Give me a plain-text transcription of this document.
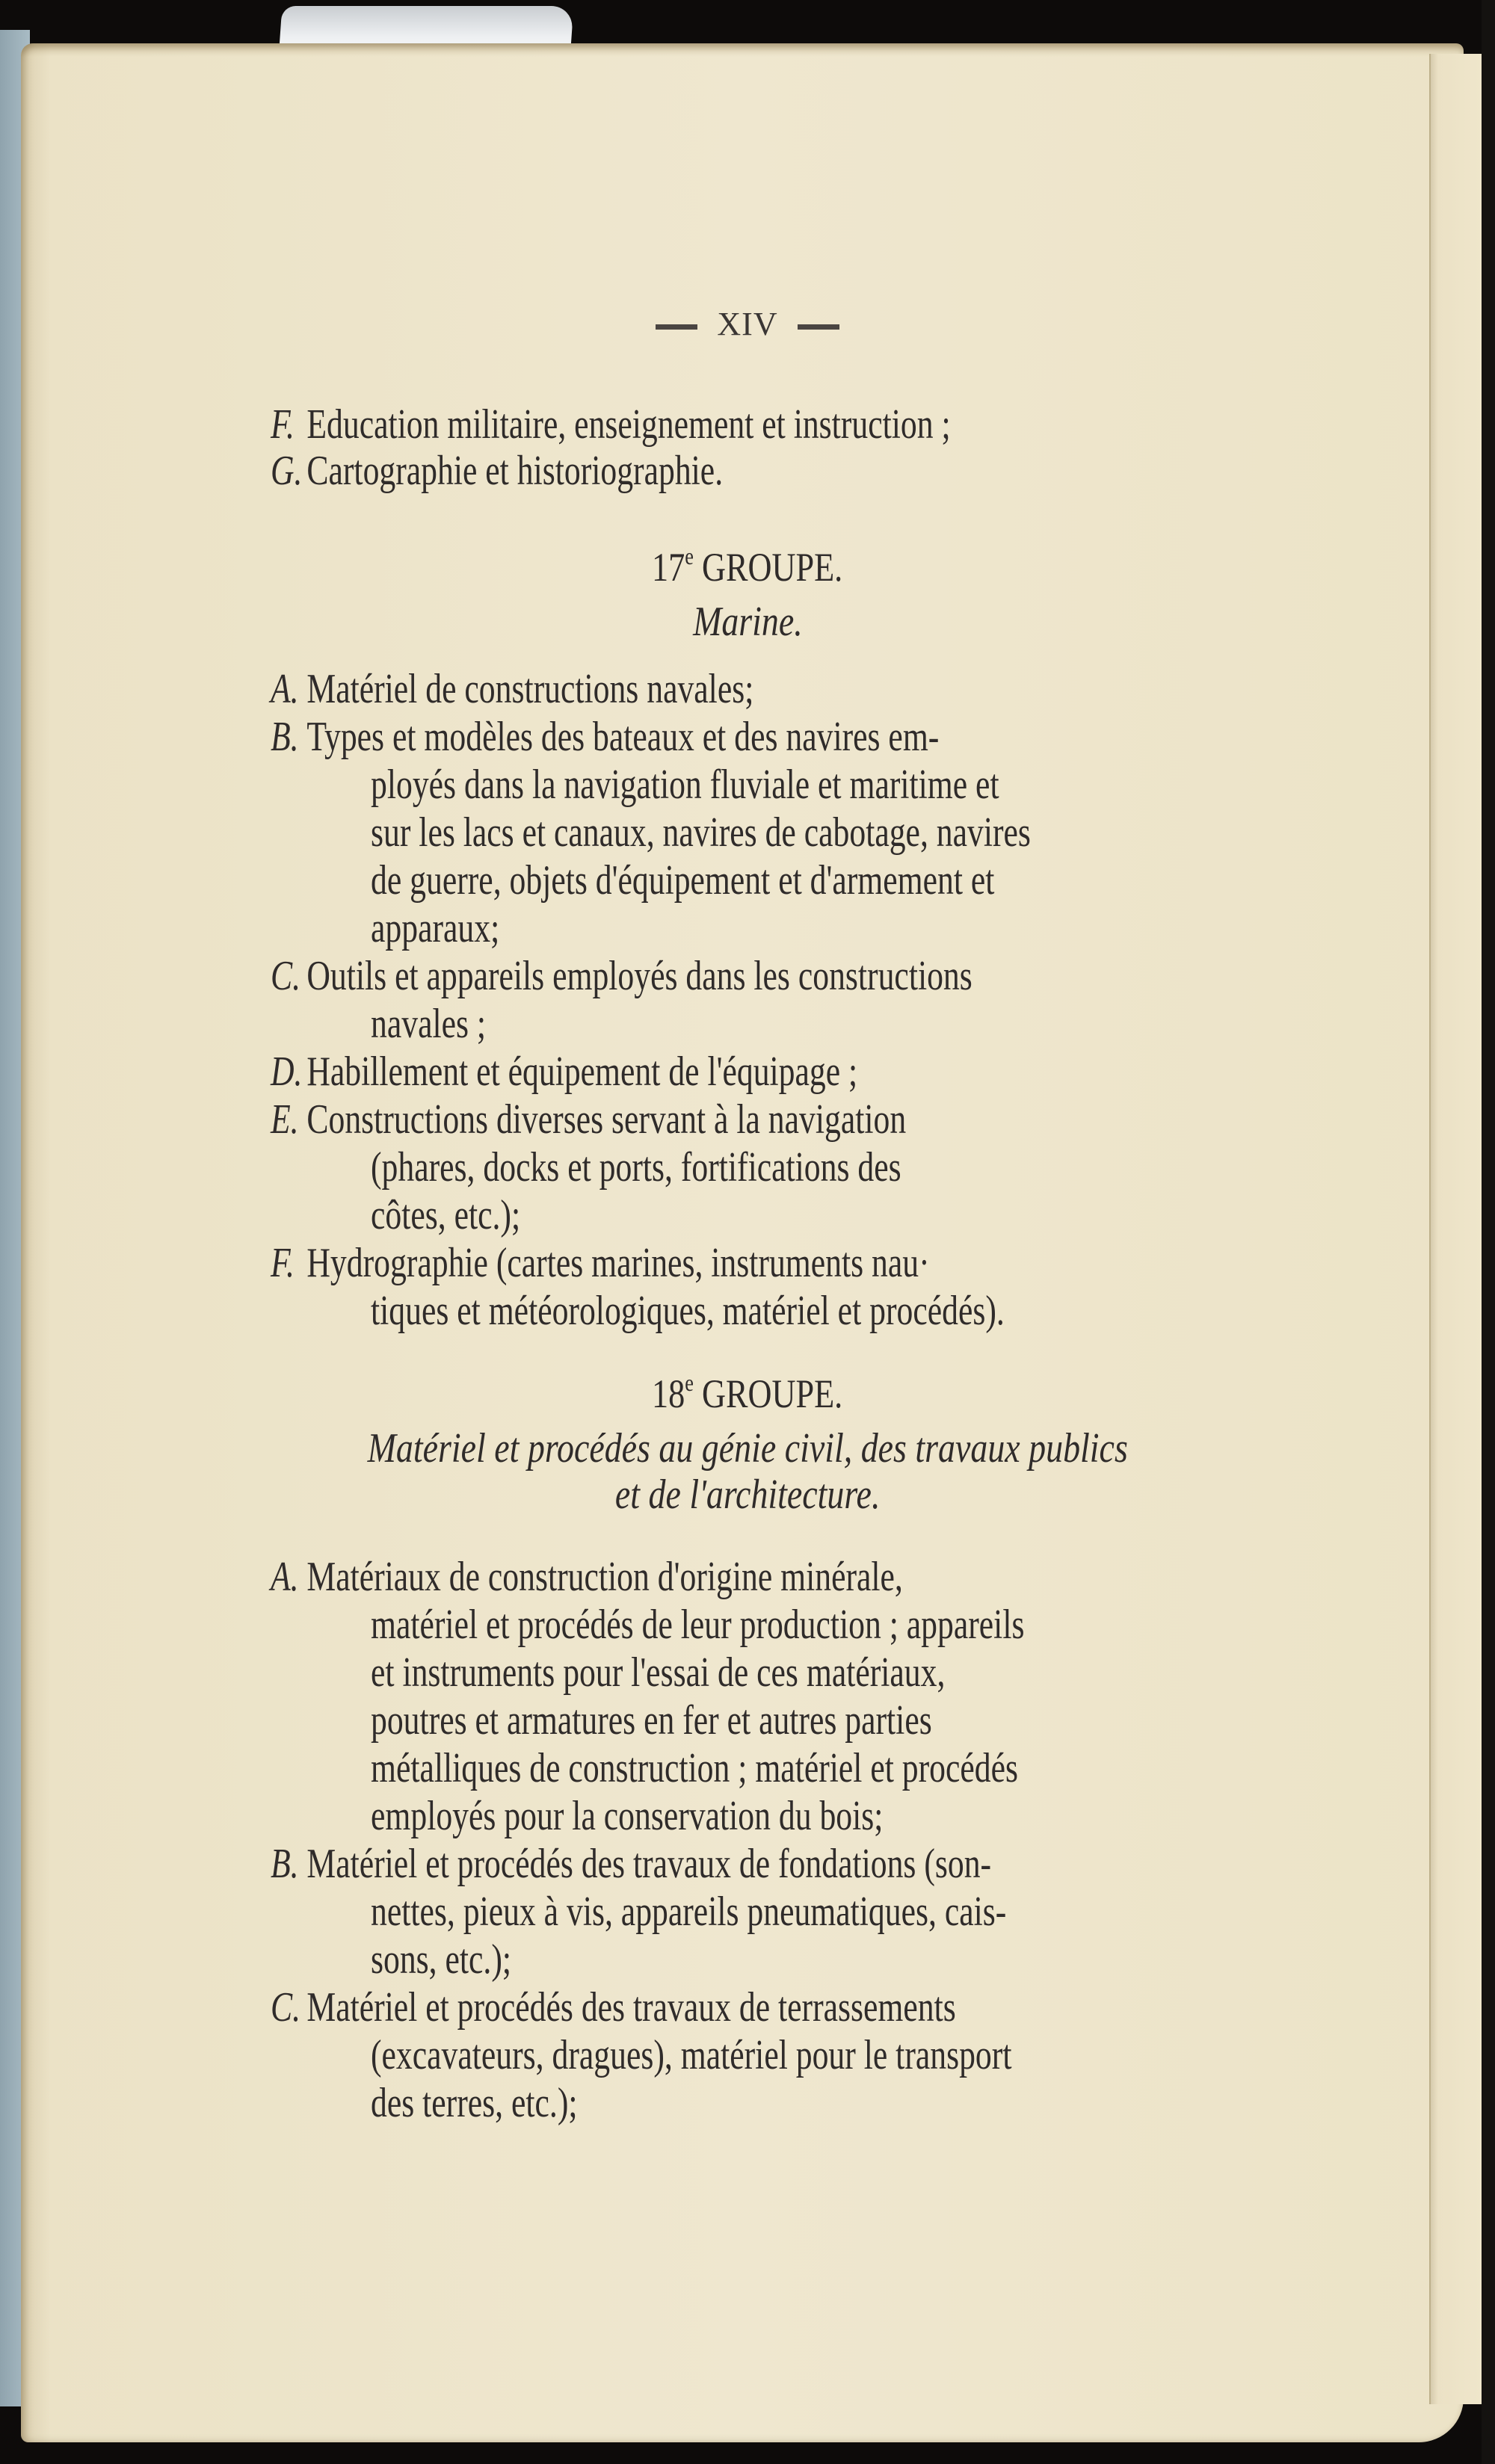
XIV
F. Education militaire, enseignement et instruction ;
G. Cartographie et historiographie.
17e GROUPE.
Marine.
A. Matériel de constructions navales;
B. Types et modèles des bateaux et des navires em-
ployés dans la navigation fluviale et maritime et
sur les lacs et canaux, navires de cabotage, navires
de guerre, objets d'équipement et d'armement et
apparaux;
C. Outils et appareils employés dans les constructions
navales ;
D. Habillement et équipement de l'équipage ;
E. Constructions diverses servant à la navigation
(phares, docks et ports, fortifications des
côtes, etc.);
F. Hydrographie (cartes marines, instruments nau·
tiques et météorologiques, matériel et procédés).
18e GROUPE.
Matériel et procédés au génie civil, des travaux publics
et de l'architecture.
A. Matériaux de construction d'origine minérale,
matériel et procédés de leur production ; appareils
et instruments pour l'essai de ces matériaux,
poutres et armatures en fer et autres parties
métalliques de construction ; matériel et procédés
employés pour la conservation du bois;
B. Matériel et procédés des travaux de fondations (son-
nettes, pieux à vis, appareils pneumatiques, cais-
sons, etc.);
C. Matériel et procédés des travaux de terrassements
(excavateurs, dragues), matériel pour le transport
des terres, etc.);
